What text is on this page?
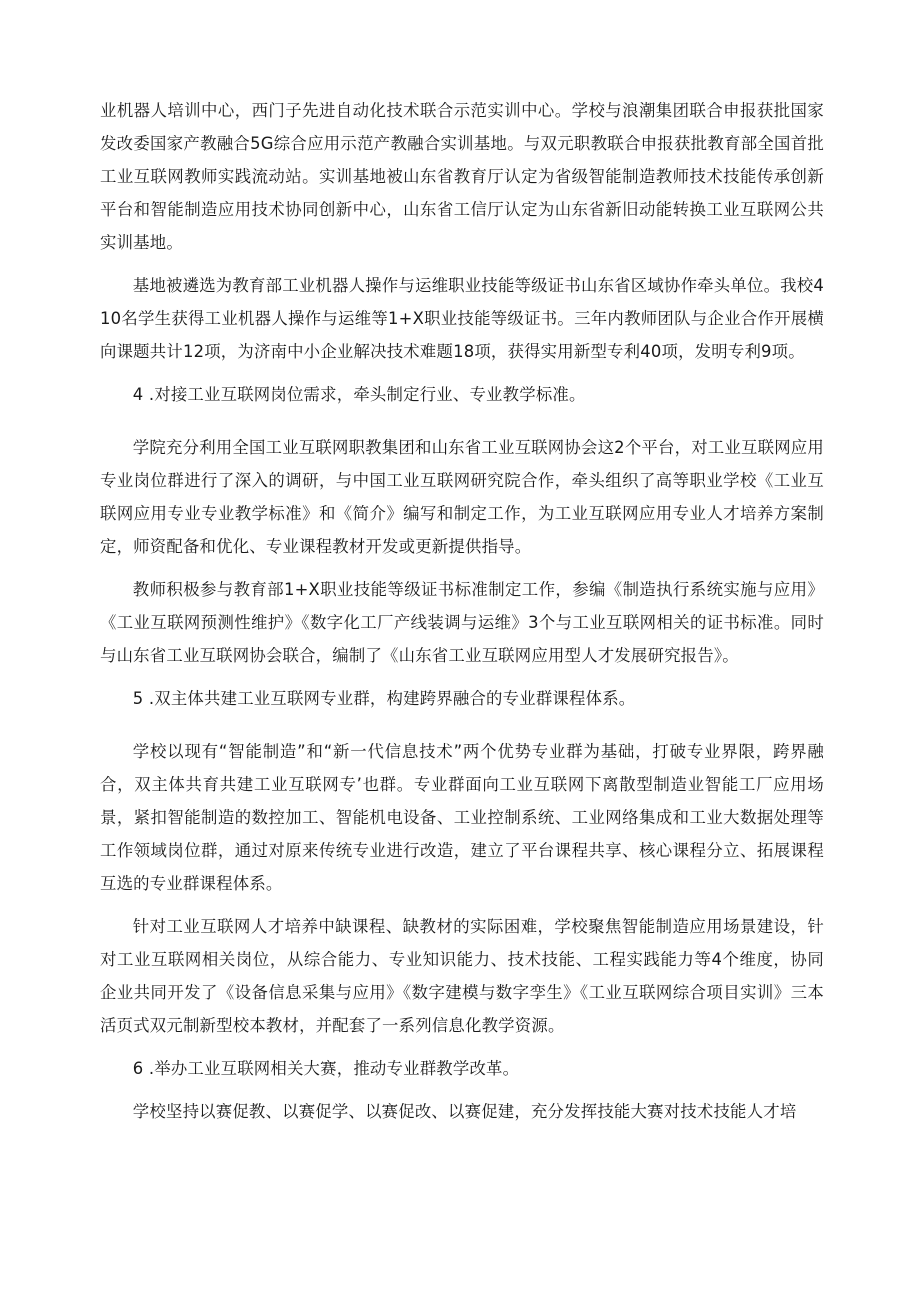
业机器人培训中心，西门子先进自动化技术联合示范实训中心。学校与浪潮集团联合申报获批国家发改委国家产教融合5G综合应用示范产教融合实训基地。与双元职教联合申报获批教育部全国首批工业互联网教师实践流动站。实训基地被山东省教育厅认定为省级智能制造教师技术技能传承创新平台和智能制造应用技术协同创新中心，山东省工信厅认定为山东省新旧动能转换工业互联网公共实训基地。

基地被遴选为教育部工业机器人操作与运维职业技能等级证书山东省区域协作牵头单位。我校410名学生获得工业机器人操作与运维等1+X职业技能等级证书。三年内教师团队与企业合作开展横向课题共计12项，为济南中小企业解决技术难题18项，获得实用新型专利40项，发明专利9项。

4 .对接工业互联网岗位需求，牵头制定行业、专业教学标准。

学院充分利用全国工业互联网职教集团和山东省工业互联网协会这2个平台，对工业互联网应用专业岗位群进行了深入的调研，与中国工业互联网研究院合作，牵头组织了高等职业学校《工业互联网应用专业专业教学标准》和《简介》编写和制定工作，为工业互联网应用专业人才培养方案制定，师资配备和优化、专业课程教材开发或更新提供指导。

教师积极参与教育部1+X职业技能等级证书标准制定工作，参编《制造执行系统实施与应用》《工业互联网预测性维护》《数字化工厂产线装调与运维》3个与工业互联网相关的证书标准。同时与山东省工业互联网协会联合，编制了《山东省工业互联网应用型人才发展研究报告》。

5 .双主体共建工业互联网专业群，构建跨界融合的专业群课程体系。

学校以现有“智能制造”和“新一代信息技术”两个优势专业群为基础，打破专业界限，跨界融合，双主体共育共建工业互联网专’也群。专业群面向工业互联网下离散型制造业智能工厂应用场景，紧扣智能制造的数控加工、智能机电设备、工业控制系统、工业网络集成和工业大数据处理等工作领域岗位群，通过对原来传统专业进行改造，建立了平台课程共享、核心课程分立、拓展课程互选的专业群课程体系。

针对工业互联网人才培养中缺课程、缺教材的实际困难，学校聚焦智能制造应用场景建设，针对工业互联网相关岗位，从综合能力、专业知识能力、技术技能、工程实践能力等4个维度，协同企业共同开发了《设备信息采集与应用》《数字建模与数字孪生》《工业互联网综合项目实训》三本活页式双元制新型校本教材，并配套了一系列信息化教学资源。

6 .举办工业互联网相关大赛，推动专业群教学改革。

学校坚持以赛促教、以赛促学、以赛促改、以赛促建，充分发挥技能大赛对技术技能人才培
